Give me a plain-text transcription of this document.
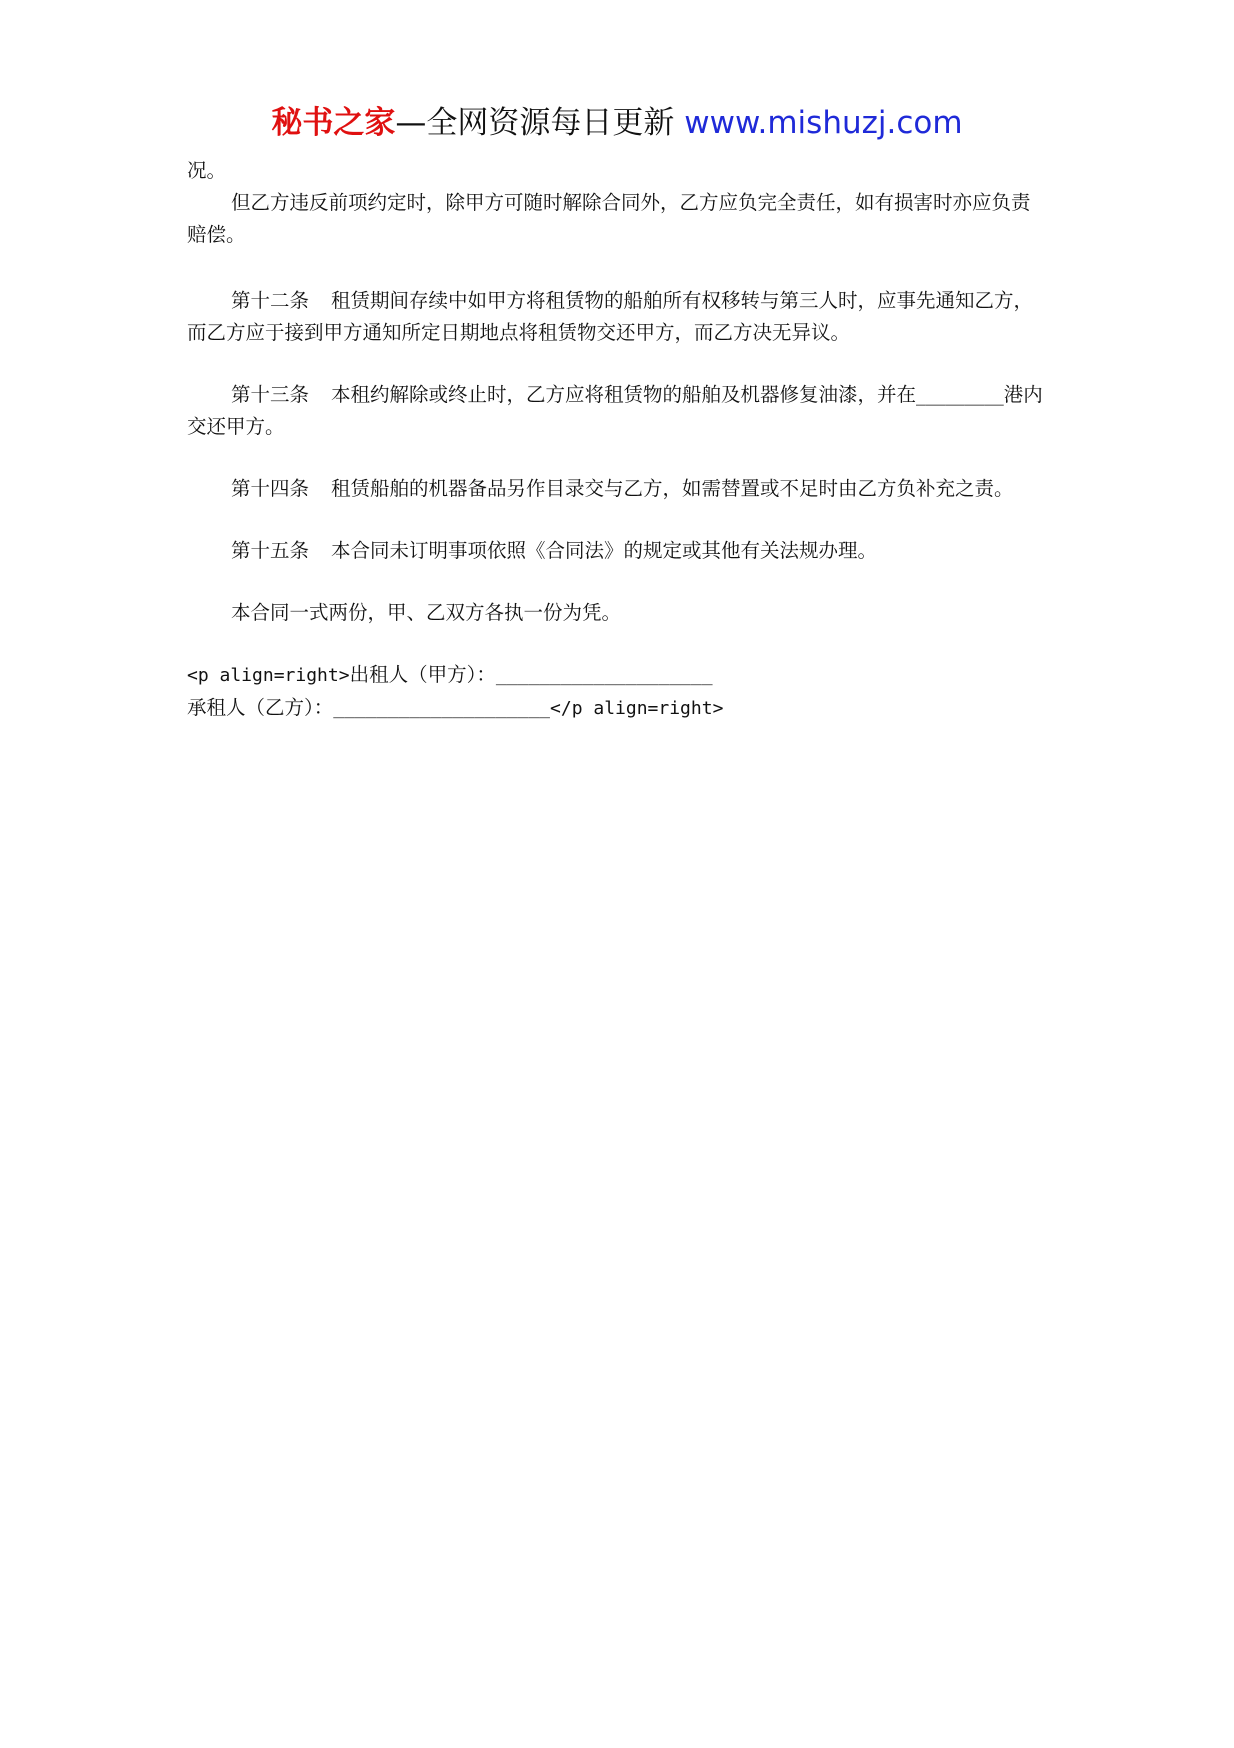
秘书之家—全网资源每日更新 www.mishuzj.com

况。

但乙方违反前项约定时，除甲方可随时解除合同外，乙方应负完全责任，如有损害时亦应负责赔偿。

第十二条 租赁期间存续中如甲方将租赁物的船舶所有权移转与第三人时，应事先通知乙方，而乙方应于接到甲方通知所定日期地点将租赁物交还甲方，而乙方决无异议。

第十三条 本租约解除或终止时，乙方应将租赁物的船舶及机器修复油漆，并在_________港内交还甲方。

第十四条 租赁船舶的机器备品另作目录交与乙方，如需替置或不足时由乙方负补充之责。

第十五条 本合同未订明事项依照《合同法》的规定或其他有关法规办理。

本合同一式两份，甲、乙双方各执一份为凭。

<p align=right>出租人（甲方）：____________________

承租人（乙方）：____________________</p align=right>
